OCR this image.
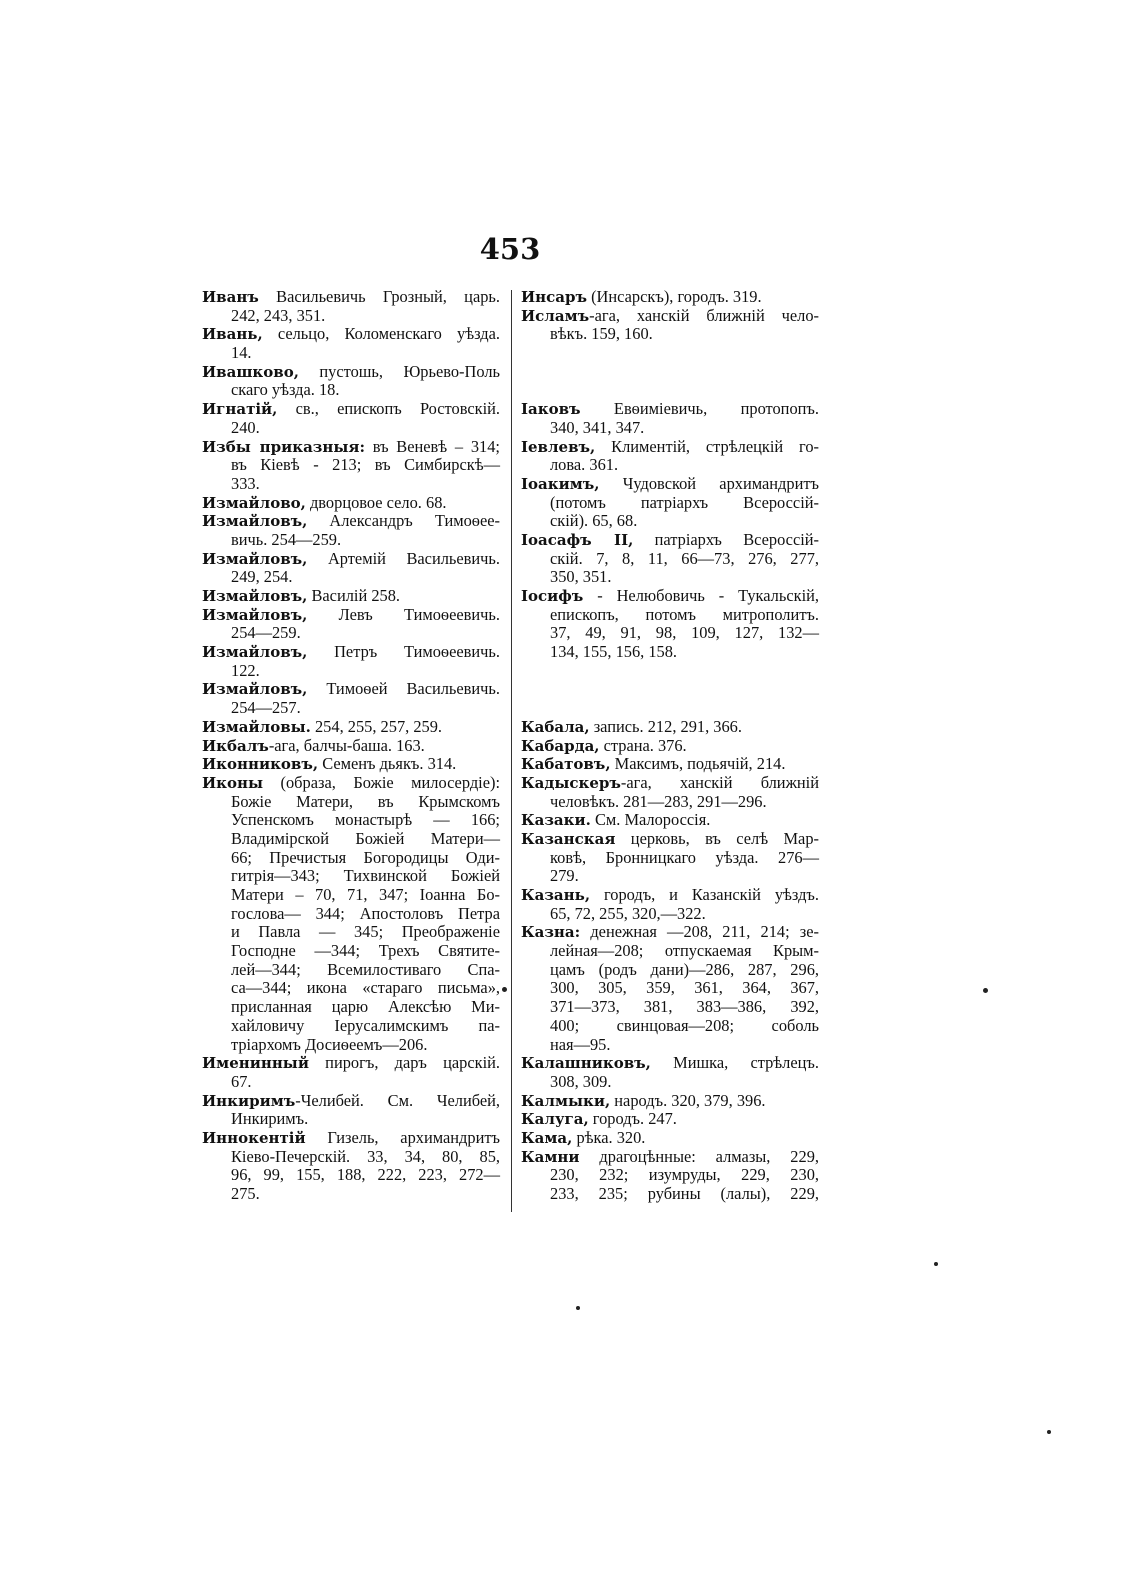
453
Иванъ Васильевичь Грозный, царь.
242, 243, 351.
Ивань, сельцо, Коломенскаго уѣзда.
14.
Ивашково, пустошь, Юрьево-Поль
скаго уѣзда. 18.
Игнатій, св., епископъ Ростовскій.
240.
Избы приказныя: въ Веневѣ – 314;
въ Кіевѣ - 213; въ Симбирскѣ—
333.
Измайлово, дворцовое село. 68.
Измайловъ, Александръ Тимоѳее-
вичь. 254—259.
Измайловъ, Артемій Васильевичь.
249, 254.
Измайловъ, Василій 258.
Измайловъ, Левъ Тимоѳеевичь.
254—259.
Измайловъ, Петръ Тимоѳеевичь.
122.
Измайловъ, Тимоѳей Васильевичь.
254—257.
Измайловы. 254, 255, 257, 259.
Икбалъ-ага, балчы-баша. 163.
Иконниковъ, Семенъ дьякъ. 314.
Иконы (образа, Божіе милосердіе):
Божіе Матери, въ Крымскомъ
Успенскомъ монастырѣ — 166;
Владимірской Божіей Матери—
66; Пречистыя Богородицы Оди-
гитрія—343; Тихвинской Божіей
Матери – 70, 71, 347; Іоанна Бо-
гослова— 344; Апостоловъ Петра
и Павла — 345; Преображеніе
Господне —344; Трехъ Святите-
лей—344; Всемилостиваго Спа-
са—344; икона «стараго письма»,
присланная царю Алексѣю Ми-
хайловичу Іерусалимскимъ па-
тріархомъ Досиѳеемъ—206.
Именинный пирогъ, даръ царскій.
67.
Инкиримъ-Челибей. См. Челибей,
Инкиримъ.
Иннокентій Гизель, архимандритъ
Кіево-Печерскій. 33, 34, 80, 85,
96, 99, 155, 188, 222, 223, 272—
275.
Инсаръ (Инсарскъ), городъ. 319.
Исламъ-ага, ханскій ближній чело-
вѣкъ. 159, 160.
Іаковъ Евѳиміевичь, протопопъ.
340, 341, 347.
Іевлевъ, Климентій, стрѣлецкій го-
лова. 361.
Іоакимъ, Чудовской архимандритъ
(потомъ патріархъ Всероссій-
скій). 65, 68.
Іоасафъ II, патріархъ Всероссій-
скій. 7, 8, 11, 66—73, 276, 277,
350, 351.
Іосифъ - Нелюбовичь - Тукальскій,
епископъ, потомъ митрополитъ.
37, 49, 91, 98, 109, 127, 132—
134, 155, 156, 158.
Кабала, запись. 212, 291, 366.
Кабарда, страна. 376.
Кабатовъ, Максимъ, подьячій, 214.
Кадыскеръ-ага, ханскій ближній
человѣкъ. 281—283, 291—296.
Казаки. См. Малороссія.
Казанская церковь, въ селѣ Мар-
ковѣ, Бронницкаго уѣзда. 276—
279.
Казань, городъ, и Казанскій уѣздъ.
65, 72, 255, 320,—322.
Казна: денежная —208, 211, 214; зе-
лейная—208; отпускаемая Крым-
цамъ (родъ дани)—286, 287, 296,
300, 305, 359, 361, 364, 367,
371—373, 381, 383—386, 392,
400; свинцовая—208; соболь
ная—95.
Калашниковъ, Мишка, стрѣлецъ.
308, 309.
Калмыки, народъ. 320, 379, 396.
Калуга, городъ. 247.
Кама, рѣка. 320.
Камни драгоцѣнные: алмазы, 229,
230, 232; изумруды, 229, 230,
233, 235; рубины (лалы), 229,
